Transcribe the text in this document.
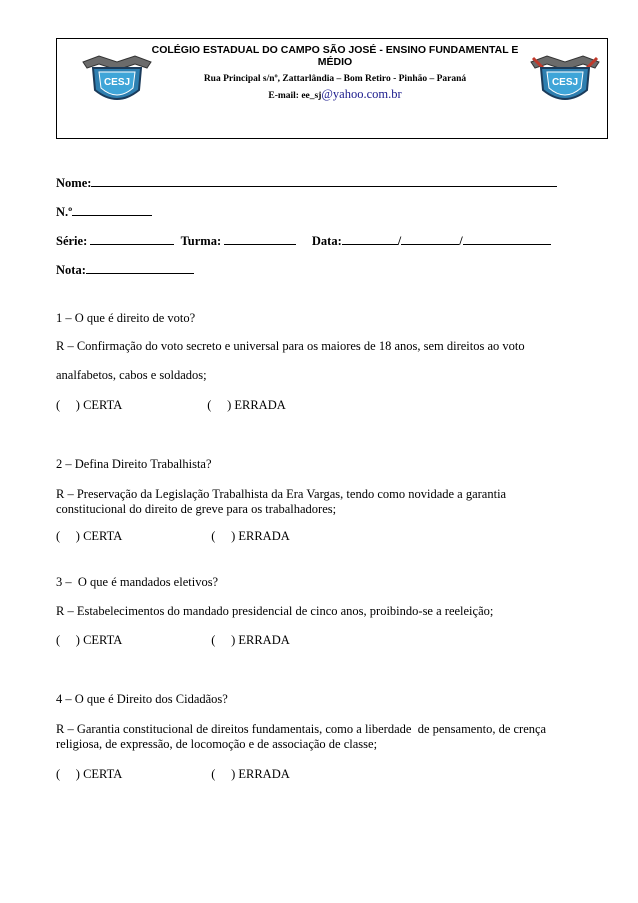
CESJ
COLÉGIO ESTADUAL DO CAMPO SÃO JOSÉ - ENSINO FUNDAMENTAL E MÉDIO
Rua Principal s/nº, Zattarlândia – Bom Retiro - Pinhão – Paraná
E-mail: ee_sj@yahoo.com.br
CESJ
Nome:
N.º
Série:	Turma:	Data:	/	/
Nota:
1 – O que é direito de voto?
R – Confirmação do voto secreto e universal para os maiores de 18 anos, sem direitos ao voto
analfabetos, cabos e soldados;
(     ) CERTA	(     ) ERRADA
2 – Defina Direito Trabalhista?
R – Preservação da Legislação Trabalhista da Era Vargas, tendo como novidade a garantia
constitucional do direito de greve para os trabalhadores;
(     ) CERTA	(     ) ERRADA
3 –  O que é mandados eletivos?
R – Estabelecimentos do mandado presidencial de cinco anos, proibindo-se a reeleição;
(     ) CERTA	(     ) ERRADA
4 – O que é Direito dos Cidadãos?
R – Garantia constitucional de direitos fundamentais, como a liberdade  de pensamento, de crença
religiosa, de expressão, de locomoção e de associação de classe;
(     ) CERTA	(     ) ERRADA
